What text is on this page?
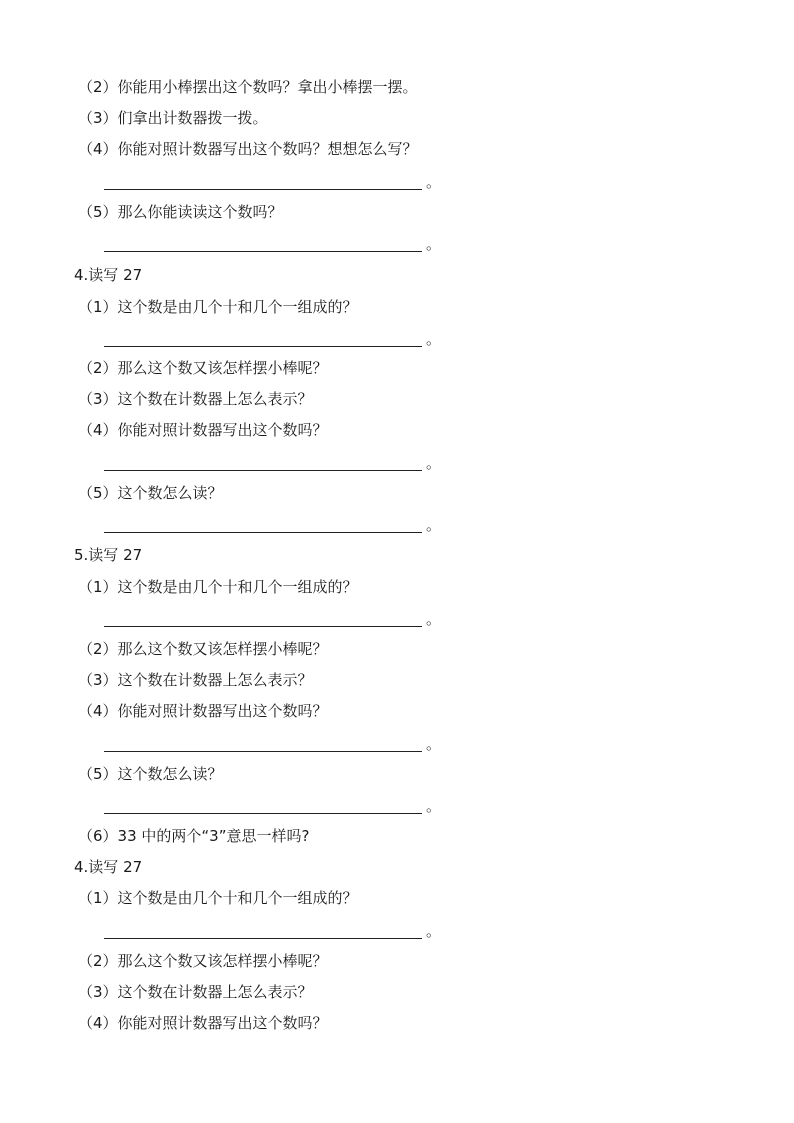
（2）你能用小棒摆出这个数吗？拿出小棒摆一摆。
（3）们拿出计数器拨一拨。
（4）你能对照计数器写出这个数吗？想想怎么写？
。
（5）那么你能读读这个数吗？
。
4.读写 27
（1）这个数是由几个十和几个一组成的？
。
（2）那么这个数又该怎样摆小棒呢？
（3）这个数在计数器上怎么表示？
（4）你能对照计数器写出这个数吗？
。
（5）这个数怎么读？
。
5.读写 27
（1）这个数是由几个十和几个一组成的？
。
（2）那么这个数又该怎样摆小棒呢？
（3）这个数在计数器上怎么表示？
（4）你能对照计数器写出这个数吗？
。
（5）这个数怎么读？
。
（6）33 中的两个“3”意思一样吗?
4.读写 27
（1）这个数是由几个十和几个一组成的？
。
（2）那么这个数又该怎样摆小棒呢？
（3）这个数在计数器上怎么表示？
（4）你能对照计数器写出这个数吗？
